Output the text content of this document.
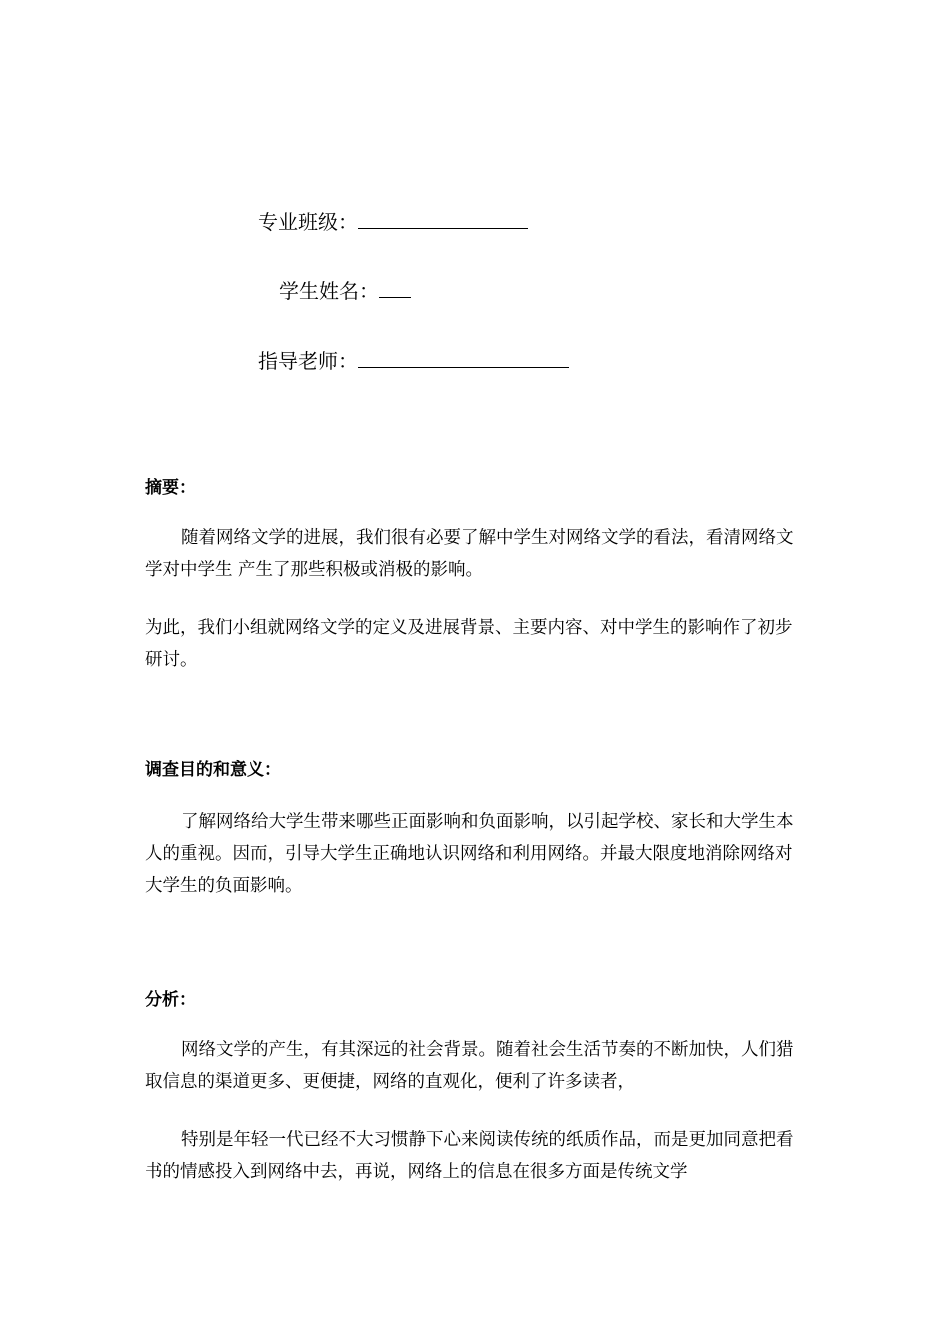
专业班级：
学生姓名：
指导老师：
摘要：

随着网络文学的进展，我们很有必要了解中学生对网络文学的看法，看清网络文学对中学生 产生了那些积极或消极的影响。

为此，我们小组就网络文学的定义及进展背景、主要内容、对中学生的影响作了初步研讨。

调查目的和意义：

了解网络给大学生带来哪些正面影响和负面影响，以引起学校、家长和大学生本人的重视。因而，引导大学生正确地认识网络和利用网络。并最大限度地消除网络对大学生的负面影响。

分析：

网络文学的产生，有其深远的社会背景。随着社会生活节奏的不断加快，人们猎取信息的渠道更多、更便捷，网络的直观化，便利了许多读者，

特别是年轻一代已经不大习惯静下心来阅读传统的纸质作品，而是更加同意把看书的情感投入到网络中去，再说，网络上的信息在很多方面是传统文学
